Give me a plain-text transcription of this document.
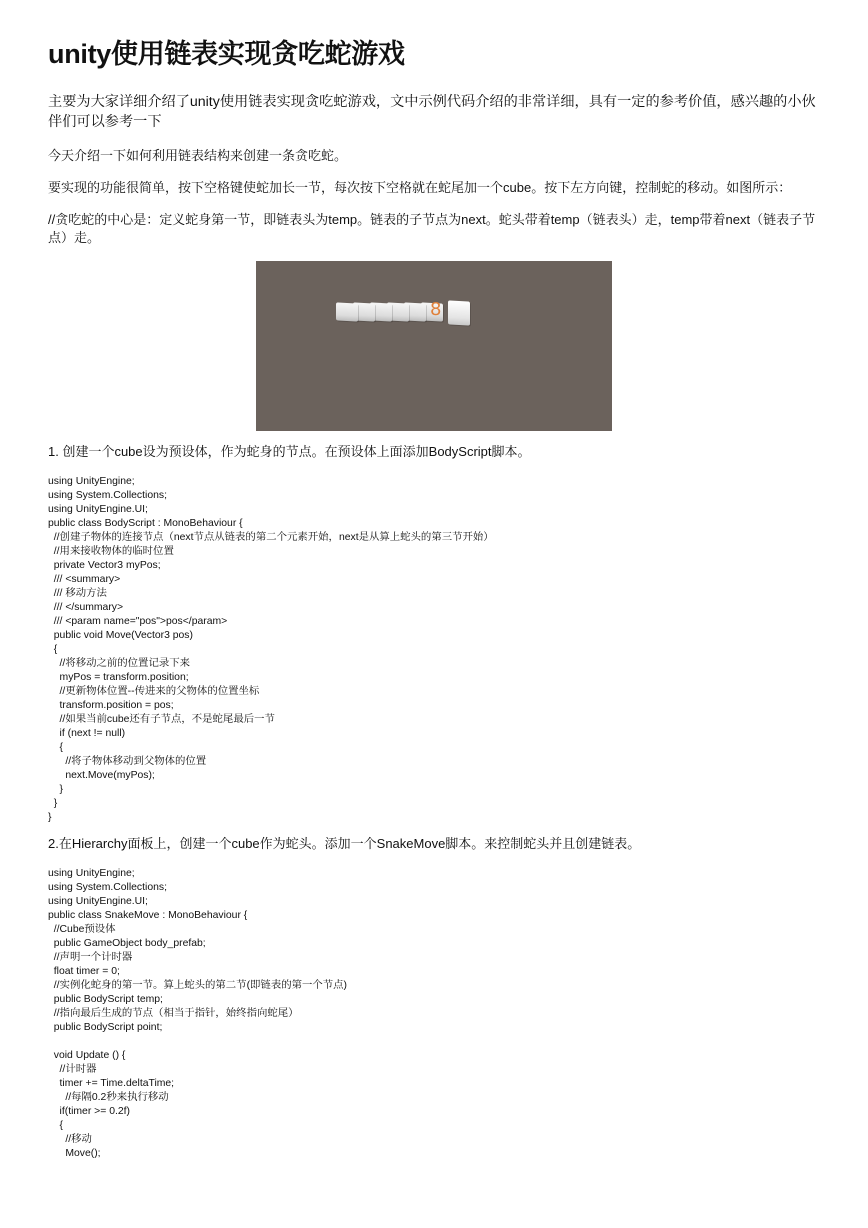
unity使用链表实现贪吃蛇游戏

主要为大家详细介绍了unity使用链表实现贪吃蛇游戏，文中示例代码介绍的非常详细，具有一定的参考价值，感兴趣的小伙伴们可以参考一下

今天介绍一下如何利用链表结构来创建一条贪吃蛇。

要实现的功能很简单，按下空格键使蛇加长一节，每次按下空格就在蛇尾加一个cube。按下左方向键，控制蛇的移动。如图所示：

//贪吃蛇的中心是：定义蛇身第一节，即链表头为temp。链表的子节点为next。蛇头带着temp（链表头）走，temp带着next（链表子节点）走。

8

1. 创建一个cube设为预设体，作为蛇身的节点。在预设体上面添加BodyScript脚本。

using UnityEngine;
using System.Collections;
using UnityEngine.UI;
public class BodyScript : MonoBehaviour {
//创建子物体的连接节点（next节点从链表的第二个元素开始，next是从算上蛇头的第三节开始）
//用来接收物体的临时位置
private Vector3 myPos;
/// <summary>
/// 移动方法
/// </summary>
/// <param name="pos">pos</param>
public void Move(Vector3 pos)
{
//将移动之前的位置记录下来
myPos = transform.position;
//更新物体位置--传进来的父物体的位置坐标
transform.position = pos;
//如果当前cube还有子节点，不是蛇尾最后一节
if (next != null)
{
//将子物体移动到父物体的位置
next.Move(myPos);
}
}
}

2.在Hierarchy面板上，创建一个cube作为蛇头。添加一个SnakeMove脚本。来控制蛇头并且创建链表。

using UnityEngine;
using System.Collections;
using UnityEngine.UI;
public class SnakeMove : MonoBehaviour {
//Cube预设体
public GameObject body_prefab;
//声明一个计时器
float timer = 0;
//实例化蛇身的第一节。算上蛇头的第二节(即链表的第一个节点)
public BodyScript temp;
//指向最后生成的节点（相当于指针，始终指向蛇尾）
public BodyScript point;
void Update () {
//计时器
timer += Time.deltaTime;
//每隔0.2秒来执行移动
if(timer >= 0.2f)
{
//移动
Move();
